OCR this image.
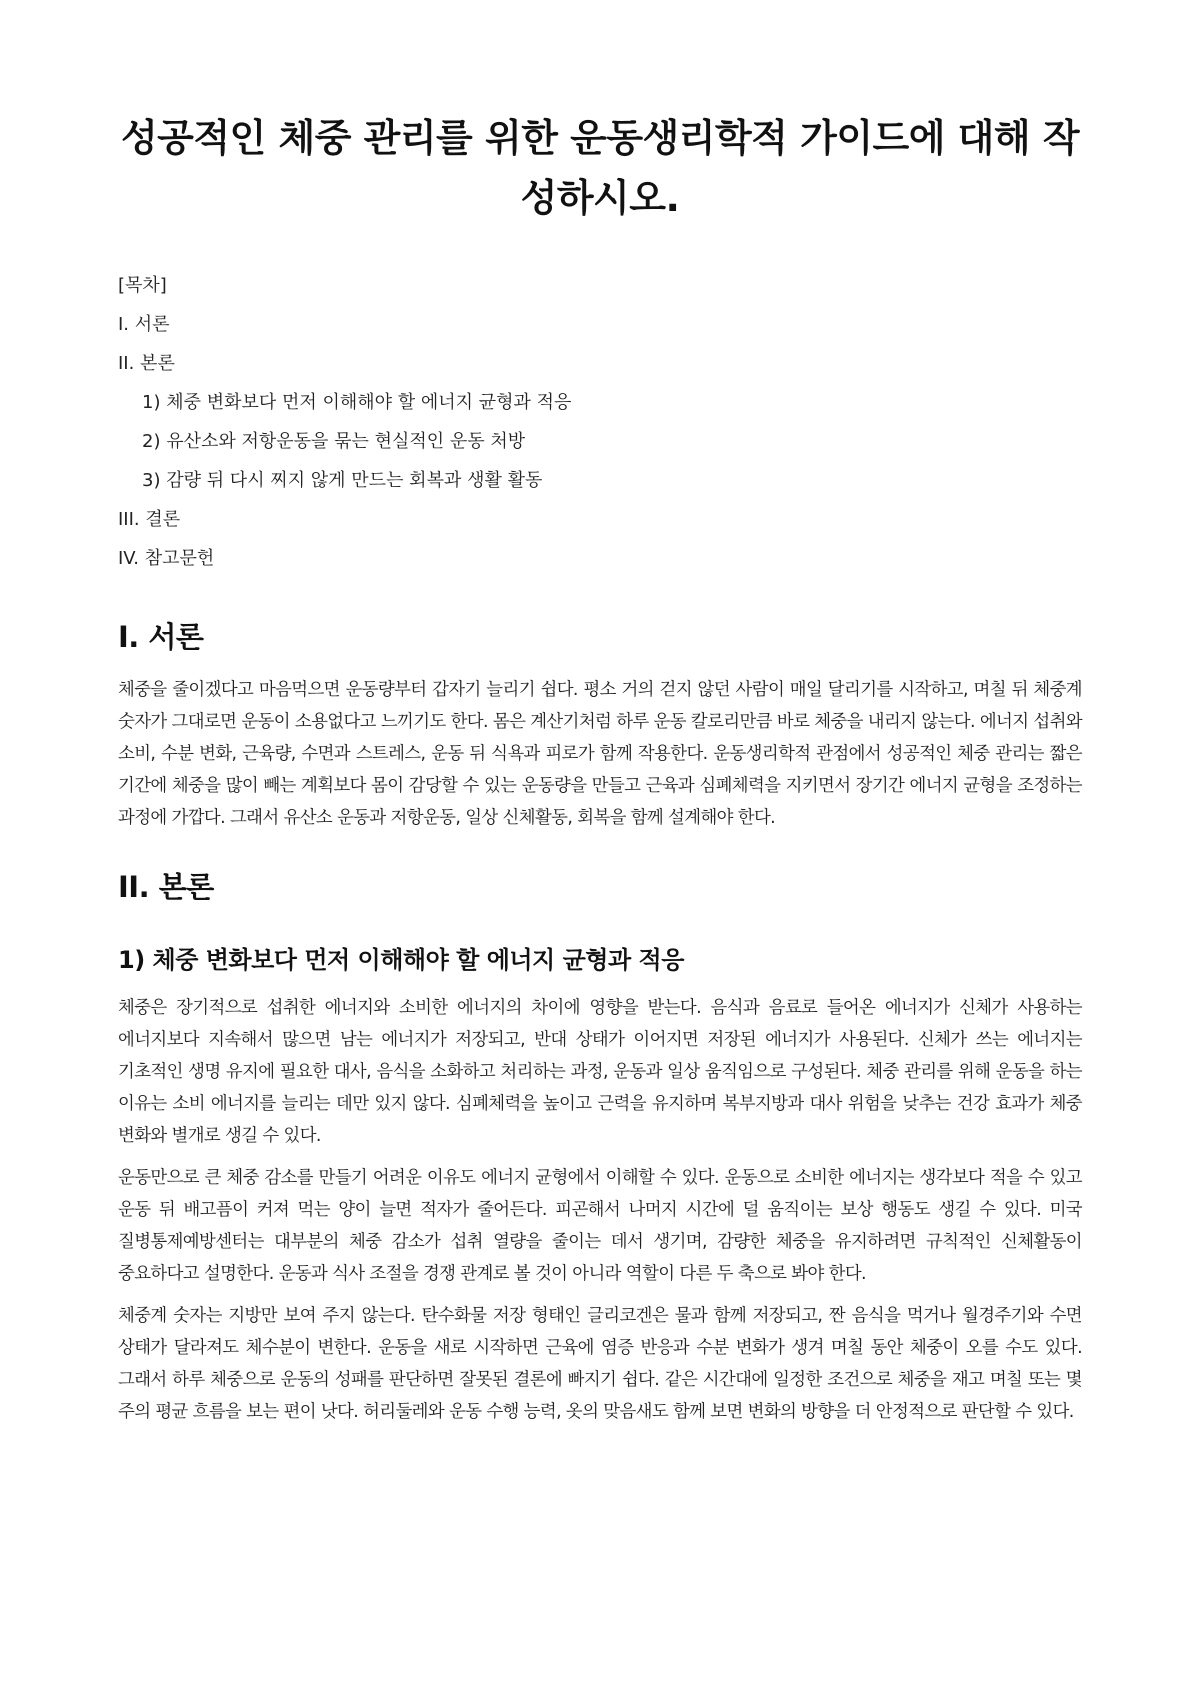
성공적인 체중 관리를 위한 운동생리학적 가이드에 대해 작성하시오.
[목차]
I. 서론
II. 본론
1) 체중 변화보다 먼저 이해해야 할 에너지 균형과 적응
2) 유산소와 저항운동을 묶는 현실적인 운동 처방
3) 감량 뒤 다시 찌지 않게 만드는 회복과 생활 활동
III. 결론
IV. 참고문헌
I. 서론

체중을 줄이겠다고 마음먹으면 운동량부터 갑자기 늘리기 쉽다. 평소 거의 걷지 않던 사람이 매일 달리기를 시작하고, 며칠 뒤 체중계 숫자가 그대로면 운동이 소용없다고 느끼기도 한다. 몸은 계산기처럼 하루 운동 칼로리만큼 바로 체중을 내리지 않는다. 에너지 섭취와 소비, 수분 변화, 근육량, 수면과 스트레스, 운동 뒤 식욕과 피로가 함께 작용한다. 운동생리학적 관점에서 성공적인 체중 관리는 짧은 기간에 체중을 많이 빼는 계획보다 몸이 감당할 수 있는 운동량을 만들고 근육과 심폐체력을 지키면서 장기간 에너지 균형을 조정하는 과정에 가깝다. 그래서 유산소 운동과 저항운동, 일상 신체활동, 회복을 함께 설계해야 한다.

II. 본론
1) 체중 변화보다 먼저 이해해야 할 에너지 균형과 적응

체중은 장기적으로 섭취한 에너지와 소비한 에너지의 차이에 영향을 받는다. 음식과 음료로 들어온 에너지가 신체가 사용하는 에너지보다 지속해서 많으면 남는 에너지가 저장되고, 반대 상태가 이어지면 저장된 에너지가 사용된다. 신체가 쓰는 에너지는 기초적인 생명 유지에 필요한 대사, 음식을 소화하고 처리하는 과정, 운동과 일상 움직임으로 구성된다. 체중 관리를 위해 운동을 하는 이유는 소비 에너지를 늘리는 데만 있지 않다. 심폐체력을 높이고 근력을 유지하며 복부지방과 대사 위험을 낮추는 건강 효과가 체중 변화와 별개로 생길 수 있다.

운동만으로 큰 체중 감소를 만들기 어려운 이유도 에너지 균형에서 이해할 수 있다. 운동으로 소비한 에너지는 생각보다 적을 수 있고 운동 뒤 배고픔이 커져 먹는 양이 늘면 적자가 줄어든다. 피곤해서 나머지 시간에 덜 움직이는 보상 행동도 생길 수 있다. 미국 질병통제예방센터는 대부분의 체중 감소가 섭취 열량을 줄이는 데서 생기며, 감량한 체중을 유지하려면 규칙적인 신체활동이 중요하다고 설명한다. 운동과 식사 조절을 경쟁 관계로 볼 것이 아니라 역할이 다른 두 축으로 봐야 한다.

체중계 숫자는 지방만 보여 주지 않는다. 탄수화물 저장 형태인 글리코겐은 물과 함께 저장되고, 짠 음식을 먹거나 월경주기와 수면 상태가 달라져도 체수분이 변한다. 운동을 새로 시작하면 근육에 염증 반응과 수분 변화가 생겨 며칠 동안 체중이 오를 수도 있다. 그래서 하루 체중으로 운동의 성패를 판단하면 잘못된 결론에 빠지기 쉽다. 같은 시간대에 일정한 조건으로 체중을 재고 며칠 또는 몇 주의 평균 흐름을 보는 편이 낫다. 허리둘레와 운동 수행 능력, 옷의 맞음새도 함께 보면 변화의 방향을 더 안정적으로 판단할 수 있다.
